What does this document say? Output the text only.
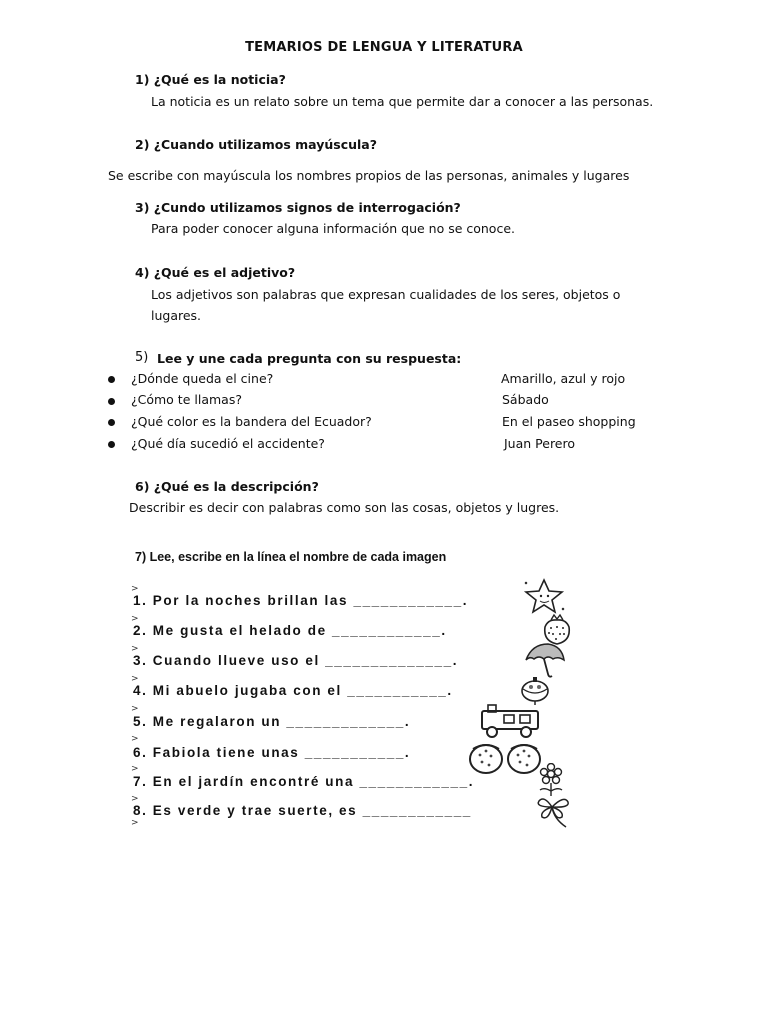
TEMARIOS DE LENGUA Y LITERATURA
1) ¿Qué es la noticia?
La noticia es un relato sobre un tema que permite dar a conocer a las personas.
2) ¿Cuando utilizamos mayúscula?
Se escribe con mayúscula los nombres propios de las personas, animales y lugares
3) ¿Cundo utilizamos signos de interrogación?
Para poder conocer alguna información que no se conoce.
4) ¿Qué es el adjetivo?
Los adjetivos son palabras que expresan cualidades de los seres, objetos o
lugares.
5) Lee y une cada pregunta con su respuesta:
¿Dónde queda el cine?	Amarillo, azul y rojo
¿Cómo te llamas?	Sábado
¿Qué color es la bandera del Ecuador?	En el paseo shopping
¿Qué día sucedió el accidente?	Juan Perero
6) ¿Qué es la descripción?
Describir es decir con palabras como son las cosas, objetos y lugres.
7) Lee, escribe en la línea el nombre de cada imagen
>
1. Por la noches brillan las ____________.
>
2. Me gusta el helado de ____________.
>
3. Cuando llueve uso el ______________.
>
4. Mi abuelo jugaba con el ___________.
>
5. Me regalaron un _____________.
>
6. Fabiola tiene unas ___________.
>
7. En el jardín encontré una ____________.
>
8. Es verde y trae suerte, es ____________
>
